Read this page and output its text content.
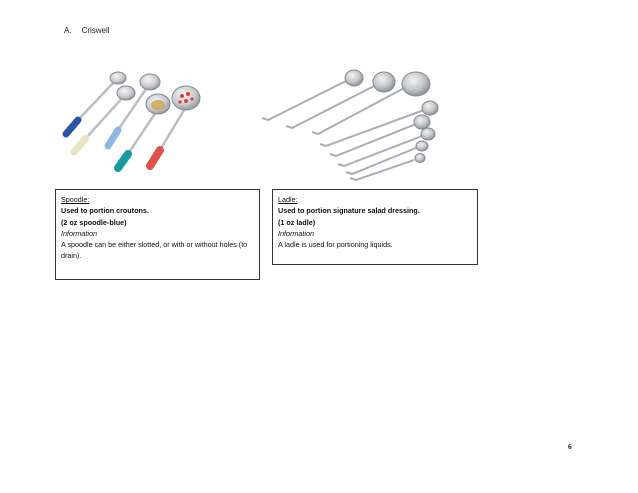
A. Criswell
Spoodle:
Used to portion croutons.
(2 oz spoodle-blue)
Information
A spoodle can be either slotted, or with or without holes (to drain).
Ladle:
Used to portion signature salad dressing.
(1 oz ladle)
Information
A ladle is used for portioning liquids.
6
